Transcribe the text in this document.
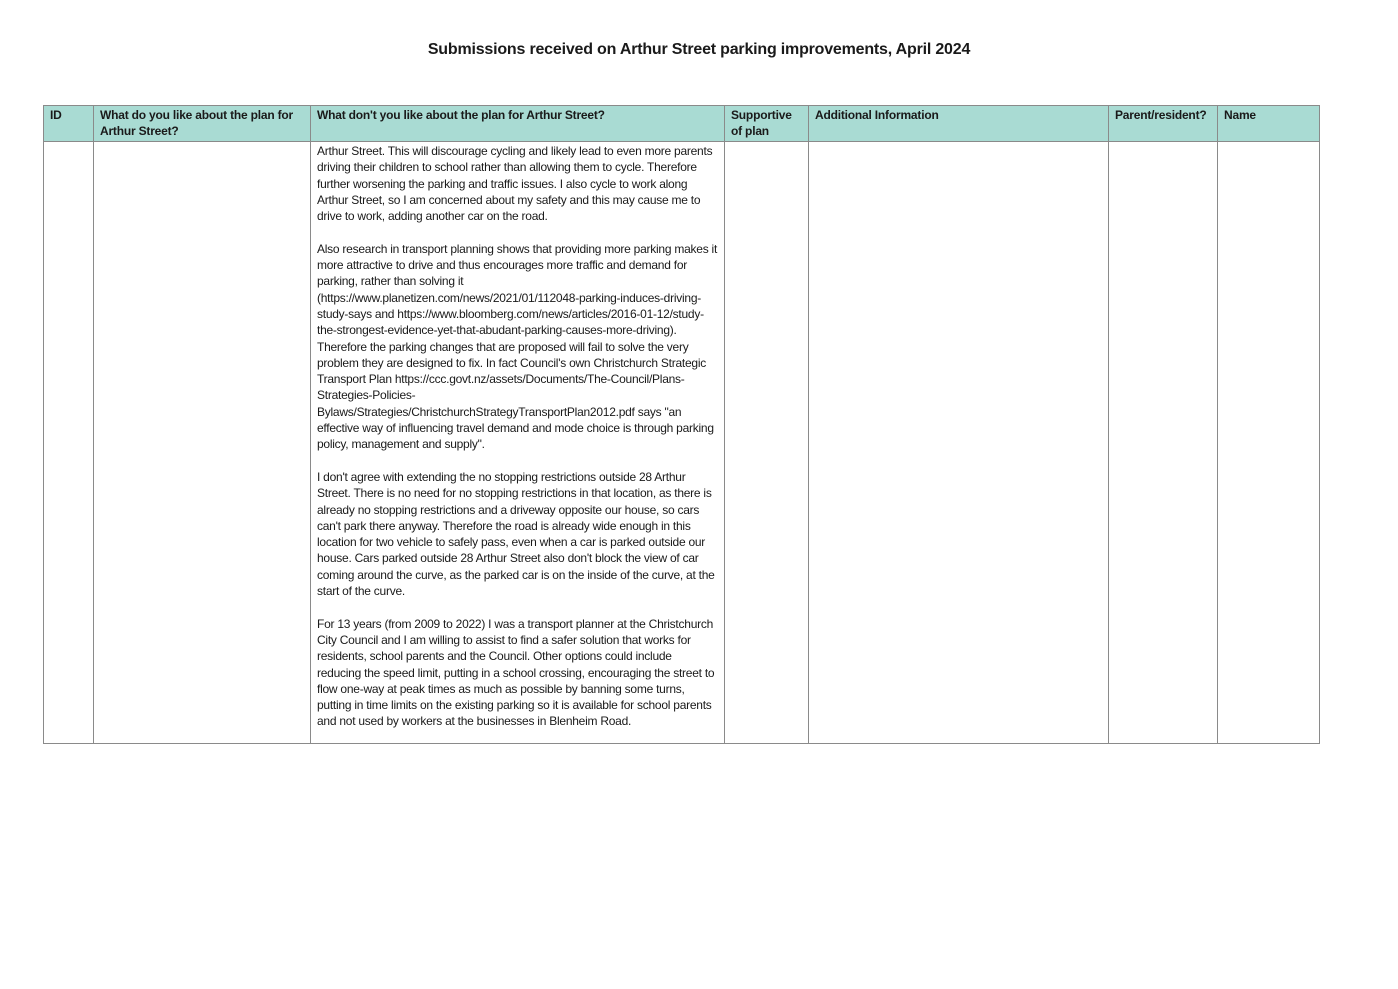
Submissions received on Arthur Street parking improvements, April 2024
ID	What do you like about the plan for Arthur Street?	What don't you like about the plan for Arthur Street?	Supportive of plan	Additional Information	Parent/resident?	Name

		Arthur Street. This will discourage cycling and likely lead to even more parents driving their children to school rather than allowing them to cycle. Therefore further worsening the parking and traffic issues. I also cycle to work along Arthur Street, so I am concerned about my safety and this may cause me to drive to work, adding another car on the road.

Also research in transport planning shows that providing more parking makes it more attractive to drive and thus encourages more traffic and demand for parking, rather than solving it (https://www.planetizen.com/news/2021/01/112048-parking-induces-driving-study-says and https://www.bloomberg.com/news/articles/2016-01-12/study-the-strongest-evidence-yet-that-abudant-parking-causes-more-driving). Therefore the parking changes that are proposed will fail to solve the very problem they are designed to fix. In fact Council's own Christchurch Strategic Transport Plan https://ccc.govt.nz/assets/Documents/The-Council/Plans-Strategies-Policies-Bylaws/Strategies/ChristchurchStrategyTransportPlan2012.pdf says "an effective way of influencing travel demand and mode choice is through parking policy, management and supply".

I don't agree with extending the no stopping restrictions outside 28 Arthur Street. There is no need for no stopping restrictions in that location, as there is already no stopping restrictions and a driveway opposite our house, so cars can't park there anyway. Therefore the road is already wide enough in this location for two vehicle to safely pass, even when a car is parked outside our house. Cars parked outside 28 Arthur Street also don't block the view of car coming around the curve, as the parked car is on the inside of the curve, at the start of the curve.

For 13 years (from 2009 to 2022) I was a transport planner at the Christchurch City Council and I am willing to assist to find a safer solution that works for residents, school parents and the Council. Other options could include reducing the speed limit, putting in a school crossing, encouraging the street to flow one-way at peak times as much as possible by banning some turns, putting in time limits on the existing parking so it is available for school parents and not used by workers at the businesses in Blenheim Road.				
